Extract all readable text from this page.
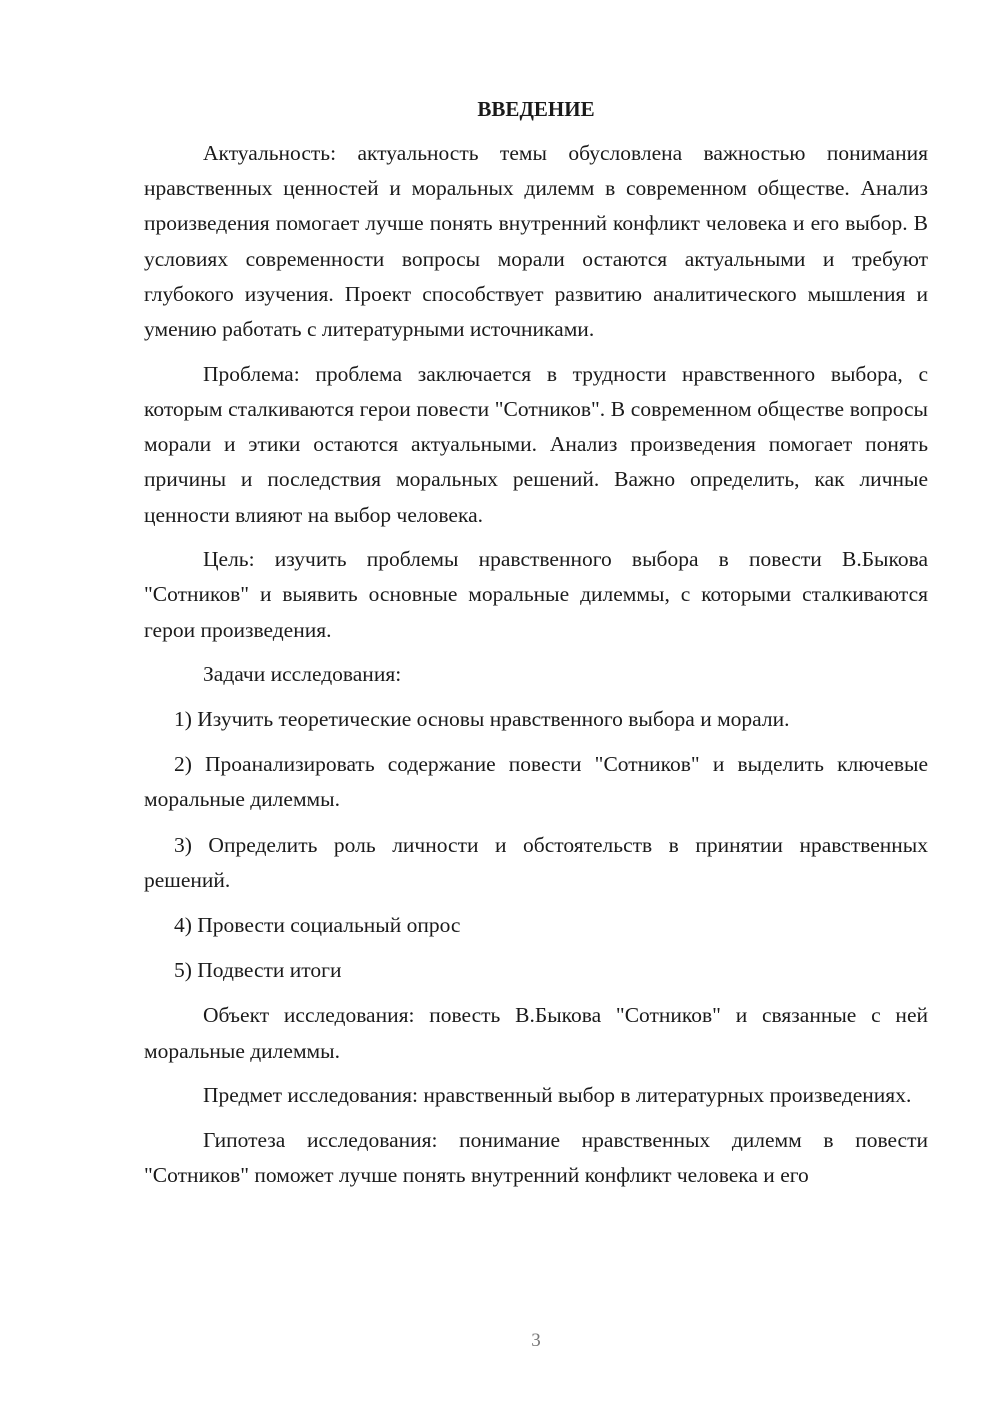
ВВЕДЕНИЕ

Актуальность: актуальность темы обусловлена важностью понимания нравственных ценностей и моральных дилемм в современном обществе. Анализ произведения помогает лучше понять внутренний конфликт человека и его выбор. В условиях современности вопросы морали остаются актуальными и требуют глубокого изучения. Проект способствует развитию аналитического мышления и умению работать с литературными источниками.

Проблема: проблема заключается в трудности нравственного выбора, с которым сталкиваются герои повести "Сотников". В современном обществе вопросы морали и этики остаются актуальными. Анализ произведения помогает понять причины и последствия моральных решений. Важно определить, как личные ценности влияют на выбор человека.

Цель: изучить проблемы нравственного выбора в повести В.Быкова "Сотников" и выявить основные моральные дилеммы, с которыми сталкиваются герои произведения.

Задачи исследования:

1) Изучить теоретические основы нравственного выбора и морали.

2) Проанализировать содержание повести "Сотников" и выделить ключевые моральные дилеммы.

3) Определить роль личности и обстоятельств в принятии нравственных решений.

4) Провести социальный опрос

5) Подвести итоги

Объект исследования: повесть В.Быкова "Сотников" и связанные с ней моральные дилеммы.

Предмет исследования: нравственный выбор в литературных произведениях.

Гипотеза исследования: понимание нравственных дилемм в повести "Сотников" поможет лучше понять внутренний конфликт человека и его

3
